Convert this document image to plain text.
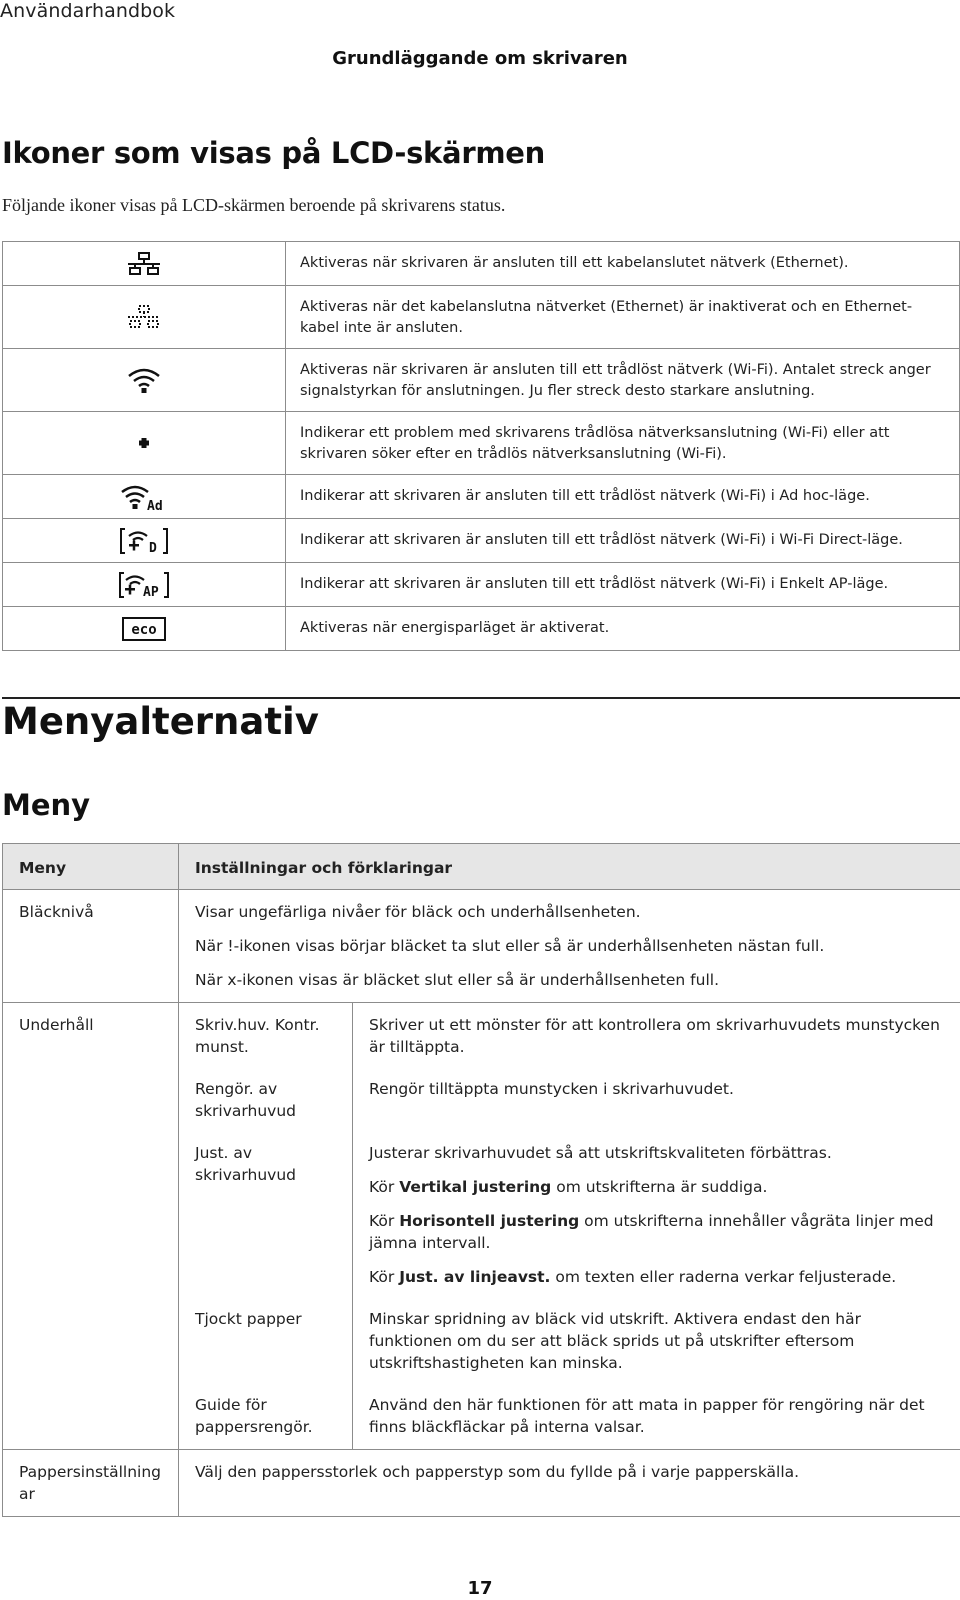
Användarhandbok
Grundläggande om skrivaren
Ikoner som visas på LCD-skärmen

Följande ikoner visas på LCD-skärmen beroende på skrivarens status.

	Aktiveras när skrivaren är ansluten till ett kabelanslutet nätverk (Ethernet).

	Aktiveras när det kabelanslutna nätverket (Ethernet) är inaktiverat och en Ethernet-kabel inte är ansluten.

	Aktiveras när skrivaren är ansluten till ett trådlöst nätverk (Wi-Fi). Antalet streck anger signalstyrkan för anslutningen. Ju fler streck desto starkare anslutning.

	Indikerar ett problem med skrivarens trådlösa nätverksanslutning (Wi-Fi) eller att skrivaren söker efter en trådlös nätverksanslutning (Wi-Fi).

Ad	Indikerar att skrivaren är ansluten till ett trådlöst nätverk (Wi-Fi) i Ad hoc-läge.

D	Indikerar att skrivaren är ansluten till ett trådlöst nätverk (Wi-Fi) i Wi-Fi Direct-läge.

AP	Indikerar att skrivaren är ansluten till ett trådlöst nätverk (Wi-Fi) i Enkelt AP-läge.

eco	Aktiveras när energisparläget är aktiverat.
Menyalternativ
Meny
Meny	Inställningar och förklaringar	
Bläcknivå	Visar ungefärliga nivåer för bläck och underhållsenheten.

När !-ikonen visas börjar bläcket ta slut eller så är underhållsenheten nästan full.

När x-ikonen visas är bläcket slut eller så är underhållsenheten full.	

Underhåll	Skriv.huv. Kontr. munst.	Skriver ut ett mönster för att kontrollera om skrivarhuvudets munstycken är tilltäppta.
	Rengör. av skrivarhuvud	Rengör tilltäppta munstycken i skrivarhuvudet.
	Just. av skrivarhuvud	Justerar skrivarhuvudet så att utskriftskvaliteten förbättras.

Kör Vertikal justering om utskrifterna är suddiga.

Kör Horisontell justering om utskrifterna innehåller vågräta linjer med jämna intervall.

Kör Just. av linjeavst. om texten eller raderna verkar feljusterade.

	Tjockt papper	Minskar spridning av bläck vid utskrift. Aktivera endast den här funktionen om du ser att bläck sprids ut på utskrifter eftersom utskriftshastigheten kan minska.
	Guide för pappersrengör.	Använd den här funktionen för att mata in papper för rengöring när det finns bläckfläckar på interna valsar.
Pappersinställningar	Välj den pappersstorlek och papperstyp som du fyllde på i varje papperskälla.	
17
